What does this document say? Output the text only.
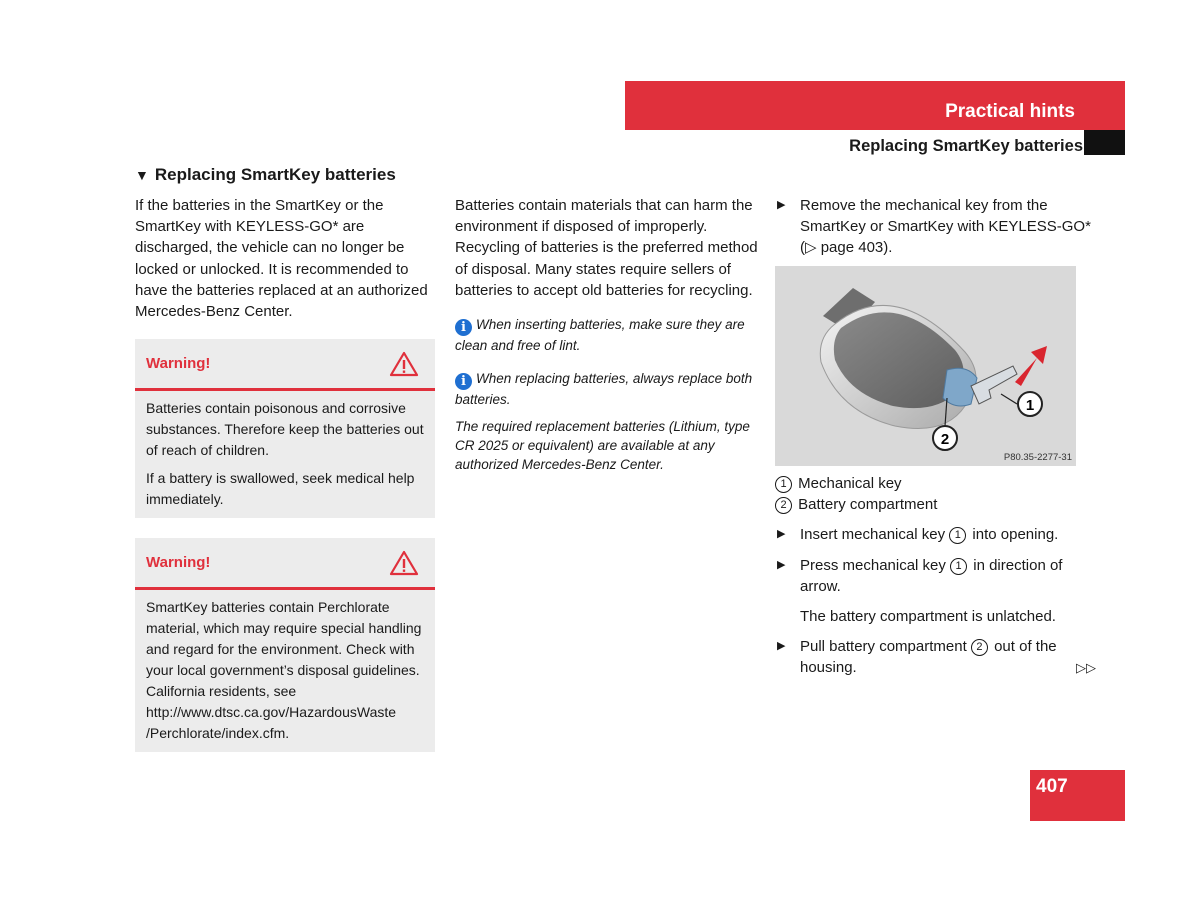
Practical hints
Replacing SmartKey batteries
▼ Replacing SmartKey batteries
If the batteries in the SmartKey or the SmartKey with KEYLESS-GO* are discharged, the vehicle can no longer be locked or unlocked. It is recommended to have the batteries replaced at an authorized Mercedes-Benz Center.
Warning!

Batteries contain poisonous and corrosive substances. Therefore keep the batteries out of reach of children.

If a battery is swallowed, seek medical help immediately.

Warning!
SmartKey batteries contain Perchlorate
material, which may require special handling
and regard for the environment. Check with
your local government’s disposal guidelines.
California residents, see
http://www.dtsc.ca.gov/HazardousWaste
/Perchlorate/index.cfm.
Batteries contain materials that can harm the environment if disposed of improperly. Recycling of batteries is the preferred method of disposal. Many states require sellers of batteries to accept old batteries for recycling.
i When inserting batteries, make sure they are clean and free of lint.
i When replacing batteries, always replace both batteries.
The required replacement batteries (Lithium, type CR 2025 or equivalent) are available at any authorized Mercedes-Benz Center.

▶ Remove the mechanical key from the SmartKey or SmartKey with KEYLESS-GO* (▷ page 403).

1
2
P80.35-2277-31
1 Mechanical key
2 Battery compartment

▶ Insert mechanical key 1 into opening.

▶ Press mechanical key 1 in direction of arrow.

The battery compartment is unlatched.

▶ Pull battery compartment 2 out of the housing.	▷▷
407
